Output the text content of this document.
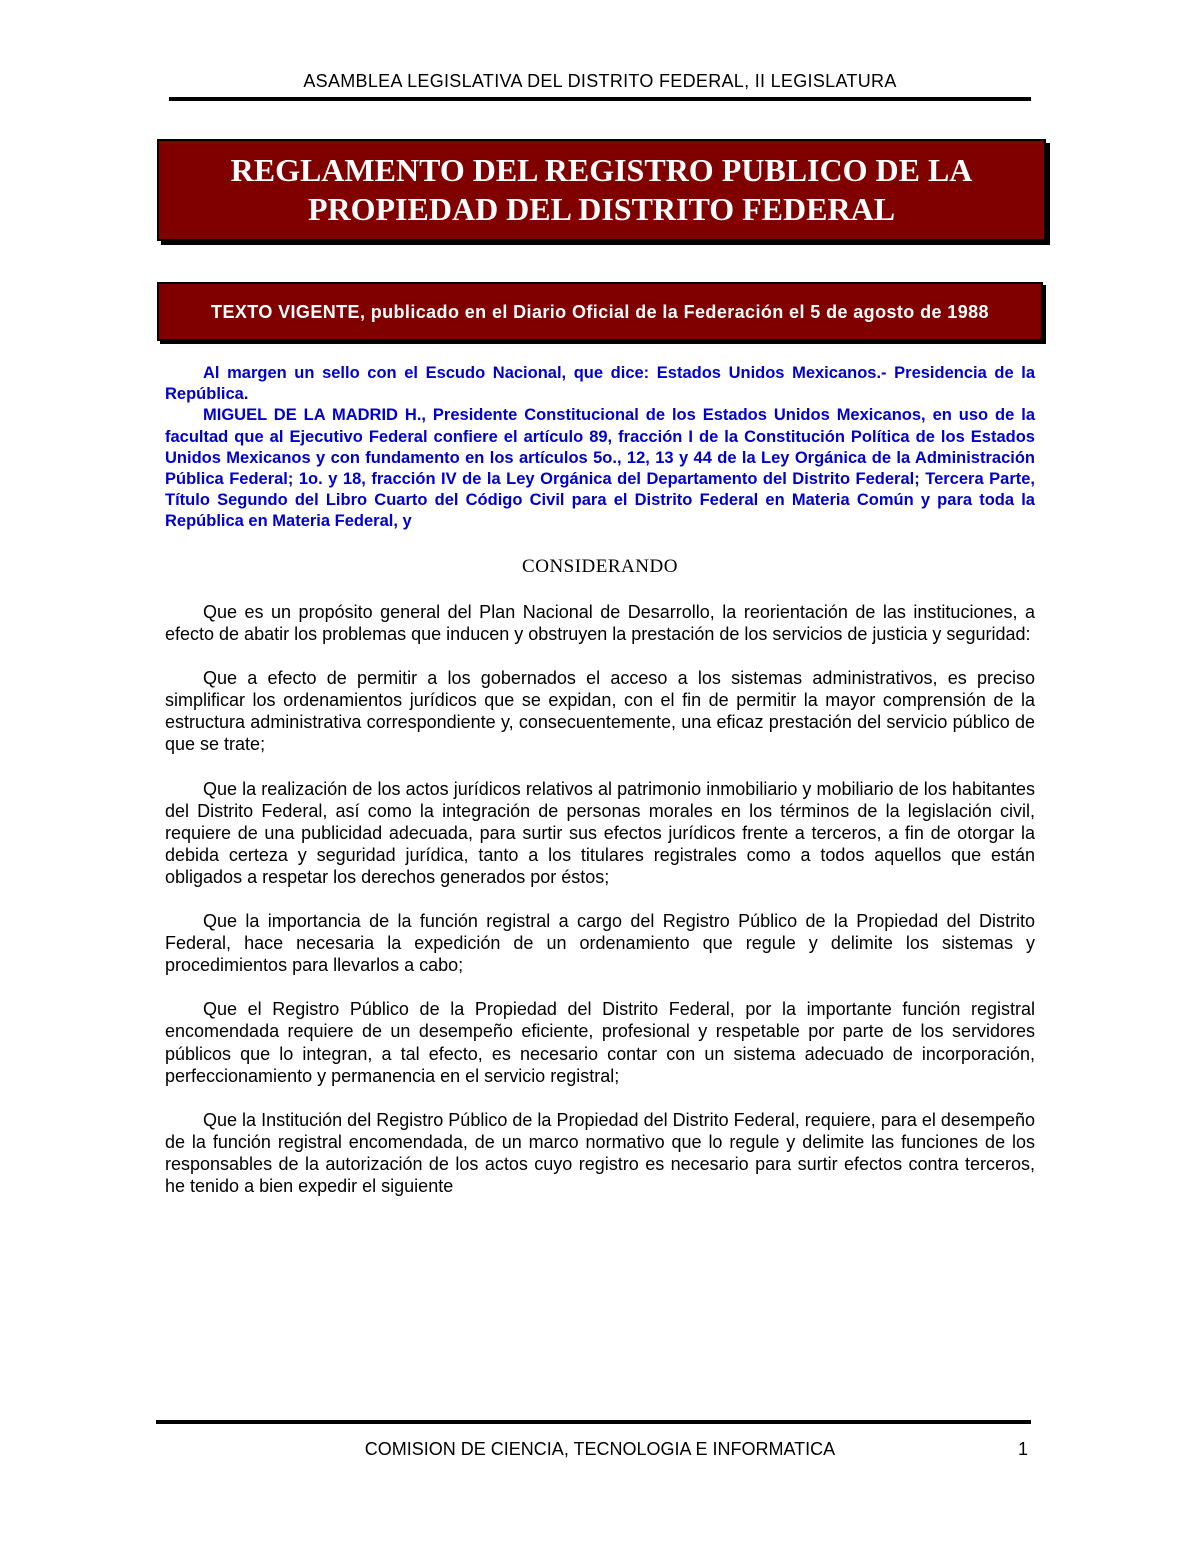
ASAMBLEA LEGISLATIVA DEL DISTRITO FEDERAL, II LEGISLATURA
REGLAMENTO DEL REGISTRO PUBLICO DE LA PROPIEDAD DEL DISTRITO FEDERAL
TEXTO VIGENTE, publicado en el Diario Oficial de la Federación el 5 de agosto de 1988

Al margen un sello con el Escudo Nacional, que dice: Estados Unidos Mexicanos.- Presidencia de la República.

MIGUEL DE LA MADRID H., Presidente Constitucional de los Estados Unidos Mexicanos, en uso de la facultad que al Ejecutivo Federal confiere el artículo 89, fracción I de la Constitución Política de los Estados Unidos Mexicanos y con fundamento en los artículos 5o., 12, 13 y 44 de la Ley Orgánica de la Administración Pública Federal; 1o. y 18, fracción IV de la Ley Orgánica del Departamento del Distrito Federal; Tercera Parte, Título Segundo del Libro Cuarto del Código Civil para el Distrito Federal en Materia Común y para toda la República en Materia Federal, y

CONSIDERANDO

Que es un propósito general del Plan Nacional de Desarrollo, la reorientación de las instituciones, a efecto de abatir los problemas que inducen y obstruyen la prestación de los servicios de justicia y seguridad:

Que a efecto de permitir a los gobernados el acceso a los sistemas administrativos, es preciso simplificar los ordenamientos jurídicos que se expidan, con el fin de permitir la mayor comprensión de la estructura administrativa correspondiente y, consecuentemente, una eficaz prestación del servicio público de que se trate;

Que la realización de los actos jurídicos relativos al patrimonio inmobiliario y mobiliario de los habitantes del Distrito Federal, así como la integración de personas morales en los términos de la legislación civil, requiere de una publicidad adecuada, para surtir sus efectos jurídicos frente a terceros, a fin de otorgar la debida certeza y seguridad jurídica, tanto a los titulares registrales como a todos aquellos que están obligados a respetar los derechos generados por éstos;

Que la importancia de la función registral a cargo del Registro Público de la Propiedad del Distrito Federal, hace necesaria la expedición de un ordenamiento que regule y delimite los sistemas y procedimientos para llevarlos a cabo;

Que el Registro Público de la Propiedad del Distrito Federal, por la importante función registral encomendada requiere de un desempeño eficiente, profesional y respetable por parte de los servidores públicos que lo integran, a tal efecto, es necesario contar con un sistema adecuado de incorporación, perfeccionamiento y permanencia en el servicio registral;

Que la Institución del Registro Público de la Propiedad del Distrito Federal, requiere, para el desempeño de la función registral encomendada, de un marco normativo que lo regule y delimite las funciones de los responsables de la autorización de los actos cuyo registro es necesario para surtir efectos contra terceros, he tenido a bien expedir el siguiente

COMISION DE CIENCIA, TECNOLOGIA E INFORMATICA	1
